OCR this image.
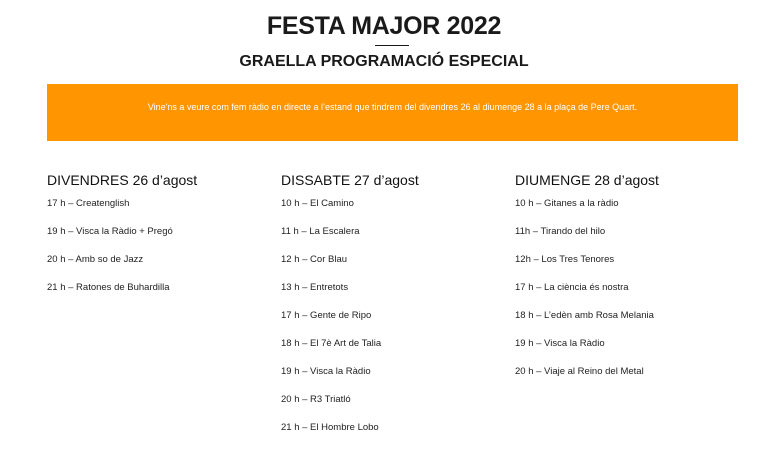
FESTA MAJOR 2022
GRAELLA PROGRAMACIÓ ESPECIAL
Vine'ns a veure com fem ràdio en directe a l’estand que tindrem del divendres 26 al diumenge 28 a la plaça de Pere Quart.
DIVENDRES 26 d’agost
17 h – Createnglish
19 h – Visca la Ràdio + Pregó
20 h – Amb so de Jazz
21 h – Ratones de Buhardilla
DISSABTE 27 d’agost
10 h – El Camino
11 h – La Escalera
12 h – Cor Blau
13 h – Entretots
17 h – Gente de Ripo
18 h – El 7è Art de Talia
19 h – Visca la Ràdio
20 h – R3 Triatló
21 h – El Hombre Lobo
DIUMENGE 28 d’agost
10 h – Gitanes a la ràdio
11h – Tirando del hilo
12h – Los Tres Tenores
17 h – La ciència és nostra
18 h – L’edèn amb Rosa Melania
19 h – Visca la Ràdio
20 h – Viaje al Reino del Metal
